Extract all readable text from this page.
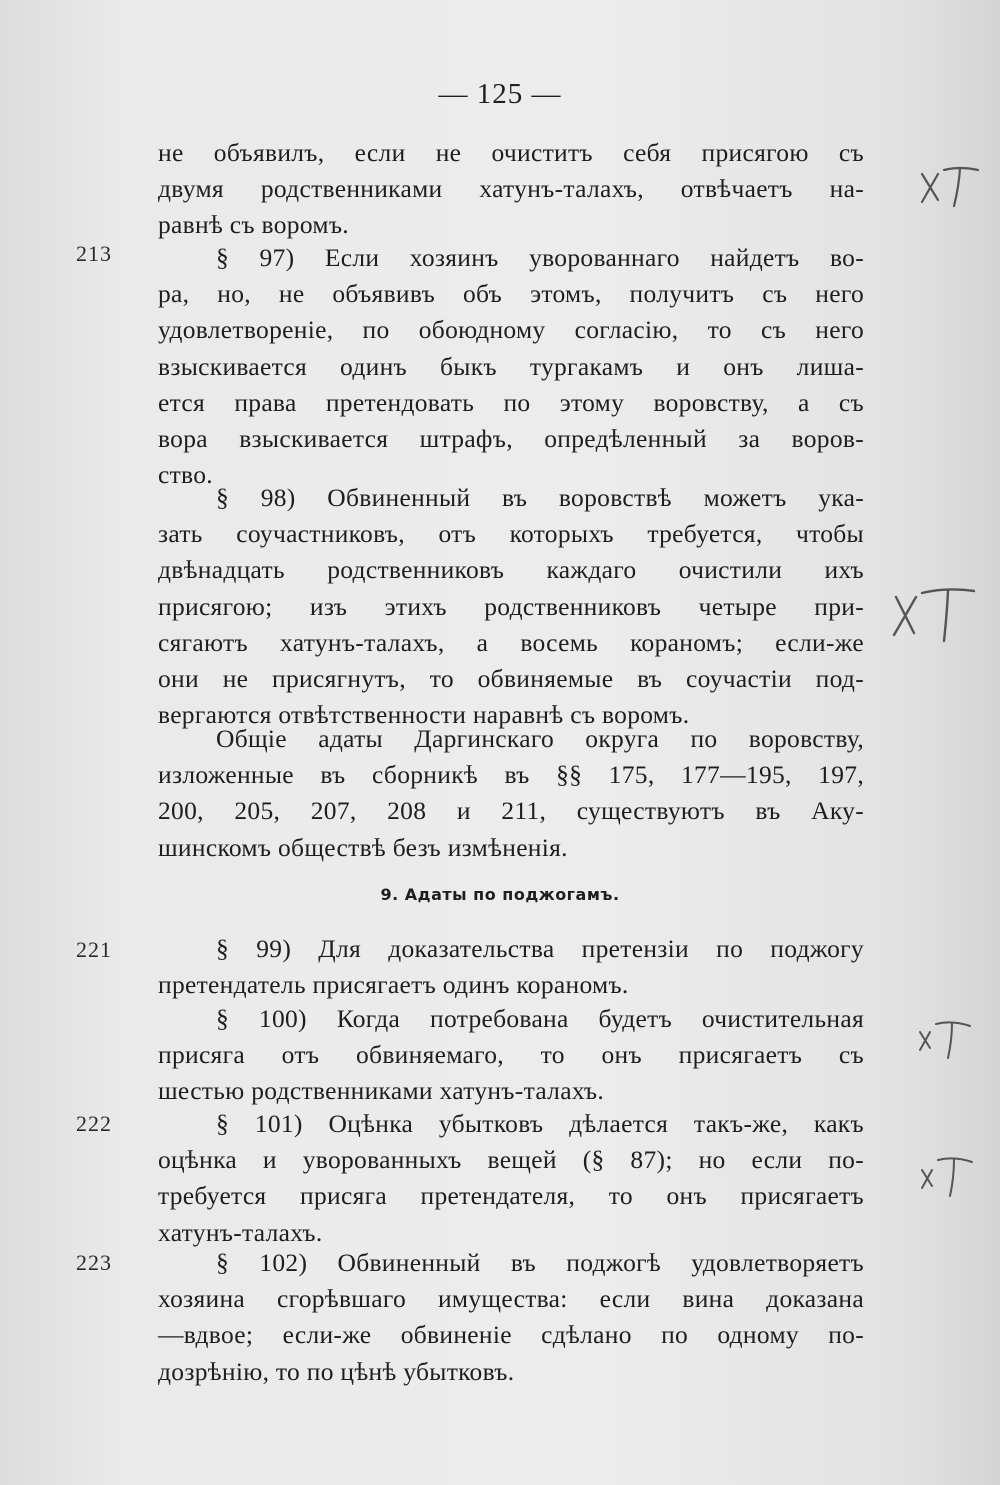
— 125 —
213
221
222
223
не объявилъ, если не очиститъ себя присягою съ
двумя родственниками хатунъ-талахъ, отвѣчаетъ на-
равнѣ съ воромъ.
§ 97) Если хозяинъ уворованнаго найдетъ во-
ра, но, не объявивъ объ этомъ, получитъ съ него
удовлетвореніе, по обоюдному согласію, то съ него
взыскивается одинъ быкъ тургакамъ и онъ лиша-
ется права претендовать по этому воровству, а съ
вора взыскивается штрафъ, опредѣленный за воров-
ство.
§ 98) Обвиненный въ воровствѣ можетъ ука-
зать соучастниковъ, отъ которыхъ требуется, чтобы
двѣнадцать родственниковъ каждаго очистили ихъ
присягою; изъ этихъ родственниковъ четыре при-
сягаютъ хатунъ-талахъ, а восемь кораномъ; если-же
они не присягнутъ, то обвиняемые въ соучастіи под-
вергаются отвѣтственности наравнѣ съ воромъ.
Общіе адаты Даргинскаго округа по воровству,
изложенные въ сборникѣ въ §§ 175, 177—195, 197,
200, 205, 207, 208 и 211, существуютъ въ Аку-
шинскомъ обществѣ безъ измѣненія.
9. Адаты по поджогамъ.
§ 99) Для доказательства претензіи по поджогу
претендатель присягаетъ одинъ кораномъ.
§ 100) Когда потребована будетъ очистительная
присяга отъ обвиняемаго, то онъ присягаетъ съ
шестью родственниками хатунъ-талахъ.
§ 101) Оцѣнка убытковъ дѣлается такъ-же, какъ
оцѣнка и уворованныхъ вещей (§ 87); но если по-
требуется присяга претендателя, то онъ присягаетъ
хатунъ-талахъ.
§ 102) Обвиненный въ поджогѣ удовлетворяетъ
хозяина сгорѣвшаго имущества: если вина доказана
—вдвое; если-же обвиненіе сдѣлано по одному по-
дозрѣнію, то по цѣнѣ убытковъ.
